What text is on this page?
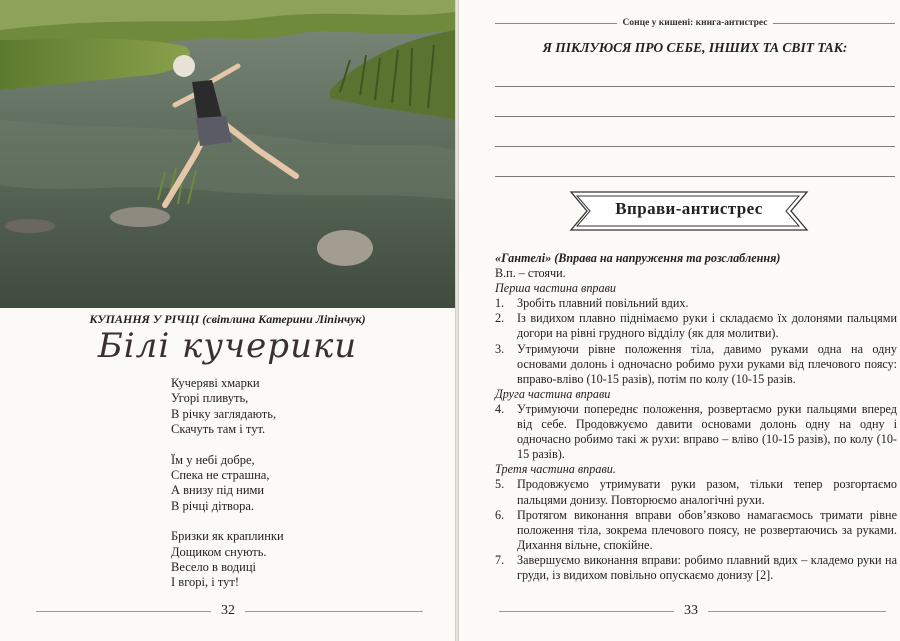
КУПАННЯ У РІЧЦІ (світлина Катерини Ліпінчук)
Білі кучерики
Кучеряві хмарки
Угорі пливуть,
В річку заглядають,
Скачуть там і тут.
Їм у небі добре,
Спека не страшна,
А внизу під ними
В річці дітвора.
Бризки як краплинки
Дощиком снують.
Весело в водиці
І вгорі, і тут!
32
Сонце у кишені: книга-антистрес
Я ПІКЛУЮСЯ ПРО СЕБЕ, ІНШИХ ТА СВІТ ТАК:
Вправи-антистрес
«Гантелі» (Вправа на напруження та розслаблення)
В.п. – стоячи.
Перша частина вправи
1.	Зробіть плавний повільний вдих.
2.	Із видихом плавно піднімаємо руки і складаємо їх долонями пальцями догори на рівні грудного відділу (як для молитви).
3.	Утримуючи рівне положення тіла, давимо руками одна на одну основами долонь і одночасно робимо рухи руками від плечового поясу: вправо-вліво (10-15 разів), потім по колу (10-15 разів.
Друга частина вправи
4.	Утримуючи попереднє положення, розвертаємо руки пальцями вперед від себе. Продовжуємо давити основами долонь одну на одну і одночасно робимо такі ж рухи: вправо – вліво (10-15 разів), по колу (10-15 разів).
Третя частина вправи.
5.	Продовжуємо утримувати руки разом, тільки тепер розгортаємо пальцями донизу. Повторюємо аналогічні рухи.
6.	Протягом виконання вправи обов’язково намагаємось тримати рівне положення тіла, зокрема плечового поясу, не розвертаючись за руками. Дихання вільне, спокійне.
7.	Завершуємо виконання вправи: робимо плавний вдих – кладемо руки на груди, із видихом повільно опускаємо донизу [2].
33
